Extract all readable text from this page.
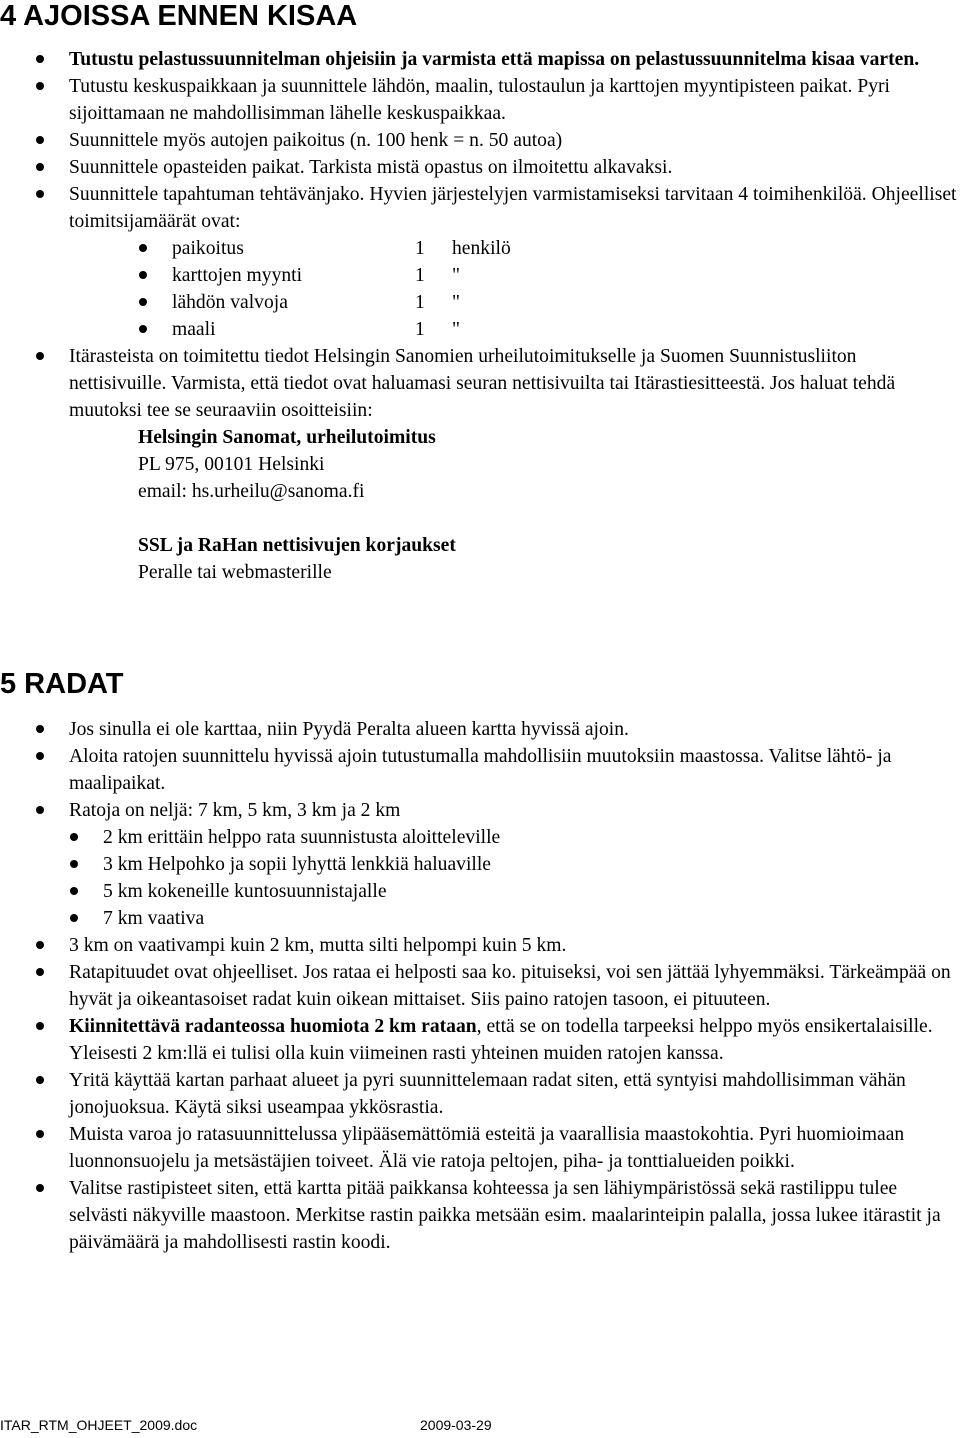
4 AJOISSA ENNEN KISAA
Tutustu pelastussuunnitelman ohjeisiin ja varmista että mapissa on pelastussuunnitelma kisaa varten.
Tutustu keskuspaikkaan ja suunnittele lähdön, maalin, tulostaulun ja karttojen myyntipisteen paikat. Pyri sijoittamaan ne mahdollisimman lähelle keskuspaikkaa.
Suunnittele myös autojen paikoitus (n. 100 henk = n. 50 autoa)
Suunnittele opasteiden paikat. Tarkista mistä opastus on ilmoitettu alkavaksi.
Suunnittele tapahtuman tehtävänjako. Hyvien järjestelyjen varmistamiseksi tarvitaan 4 toimihenkilöä. Ohjeelliset toimitsijamäärät ovat:
paikoitus	1	henkilö
karttojen myynti	1	"
lähdön valvoja	1	"
maali	1	"
Itärasteista on toimitettu tiedot Helsingin Sanomien urheilutoimitukselle ja Suomen Suunnistusliiton nettisivuille. Varmista, että tiedot ovat haluamasi seuran nettisivuilta tai Itärastiesitteestä. Jos haluat tehdä muutoksi tee se seuraaviin osoitteisiin:
Helsingin Sanomat, urheilutoimitus
PL 975, 00101 Helsinki
email: hs.urheilu@sanoma.fi
SSL ja RaHan nettisivujen korjaukset
Peralle tai webmasterille
5 RADAT
Jos sinulla ei ole karttaa, niin Pyydä Peralta alueen kartta hyvissä ajoin.
Aloita ratojen suunnittelu hyvissä ajoin tutustumalla mahdollisiin muutoksiin maastossa. Valitse lähtö- ja maalipaikat.
Ratoja on neljä: 7 km, 5 km, 3 km ja 2 km
2 km erittäin helppo rata suunnistusta aloitteleville
3 km Helpohko ja sopii lyhyttä lenkkiä haluaville
5 km kokeneille kuntosuunnistajalle
7 km vaativa
3 km on vaativampi kuin 2 km, mutta silti helpompi kuin 5 km.
Ratapituudet ovat ohjeelliset. Jos rataa ei helposti saa ko. pituiseksi, voi sen jättää lyhyemmäksi. Tärkeämpää on hyvät ja oikeantasoiset radat kuin oikean mittaiset. Siis paino ratojen tasoon, ei pituuteen.
Kiinnitettävä radanteossa huomiota 2 km rataan, että se on todella tarpeeksi helppo myös ensikertalaisille. Yleisesti 2 km:llä ei tulisi olla kuin viimeinen rasti yhteinen muiden ratojen kanssa.
Yritä käyttää kartan parhaat alueet ja pyri suunnittelemaan radat siten, että syntyisi mahdollisimman vähän jonojuoksua. Käytä siksi useampaa ykkösrastia.
Muista varoa jo ratasuunnittelussa ylipääsemättömiä esteitä ja vaarallisia maastokohtia. Pyri huomioimaan luonnonsuojelu ja metsästäjien toiveet. Älä vie ratoja peltojen, piha- ja tonttialueiden poikki.
Valitse rastipisteet siten, että kartta pitää paikkansa kohteessa ja sen lähiympäristössä sekä rastilippu tulee selvästi näkyville maastoon. Merkitse rastin paikka metsään esim. maalarinteipin palalla, jossa lukee itärastit ja päivämäärä ja mahdollisesti rastin koodi.
ITAR_RTM_OHJEET_2009.doc	2009-03-29
